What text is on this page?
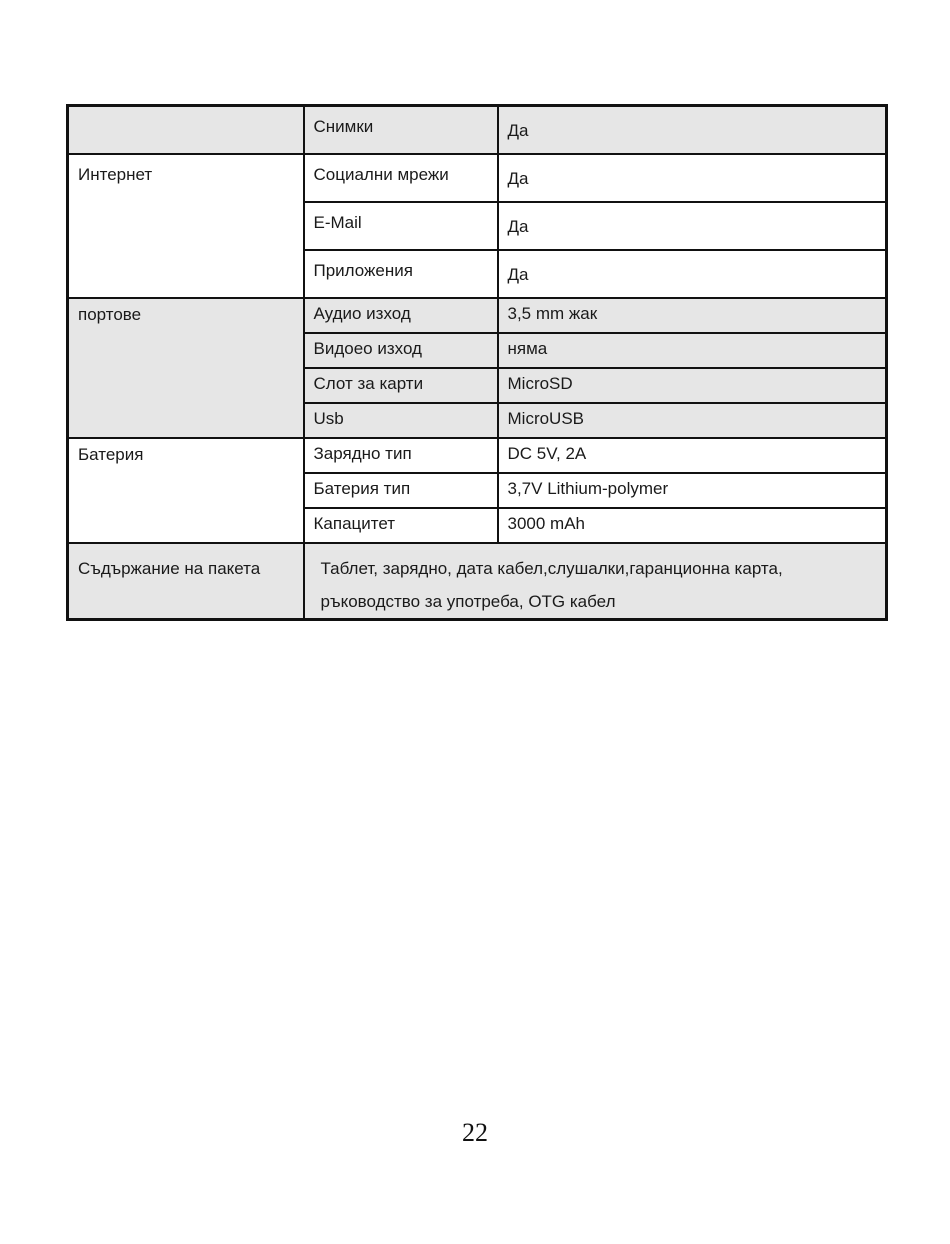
	Снимки	Да

Интернет	Социални мрежи	Да

	E-Mail	Да

	Приложения	Да

портове	Аудио изход	3,5 mm жак

	Видоео изход	няма

	Слот за карти	MicroSD

	Usb	MicroUSB

Батерия	Зарядно тип	DC 5V, 2A

	Батерия тип	3,7V Lithium-polymer

	Капацитет	3000 mAh

Съдържание на пакета	Таблет, зарядно, дата кабел,слушалки,гаранционна карта,
ръководство за употреба, OTG кабел	
22
